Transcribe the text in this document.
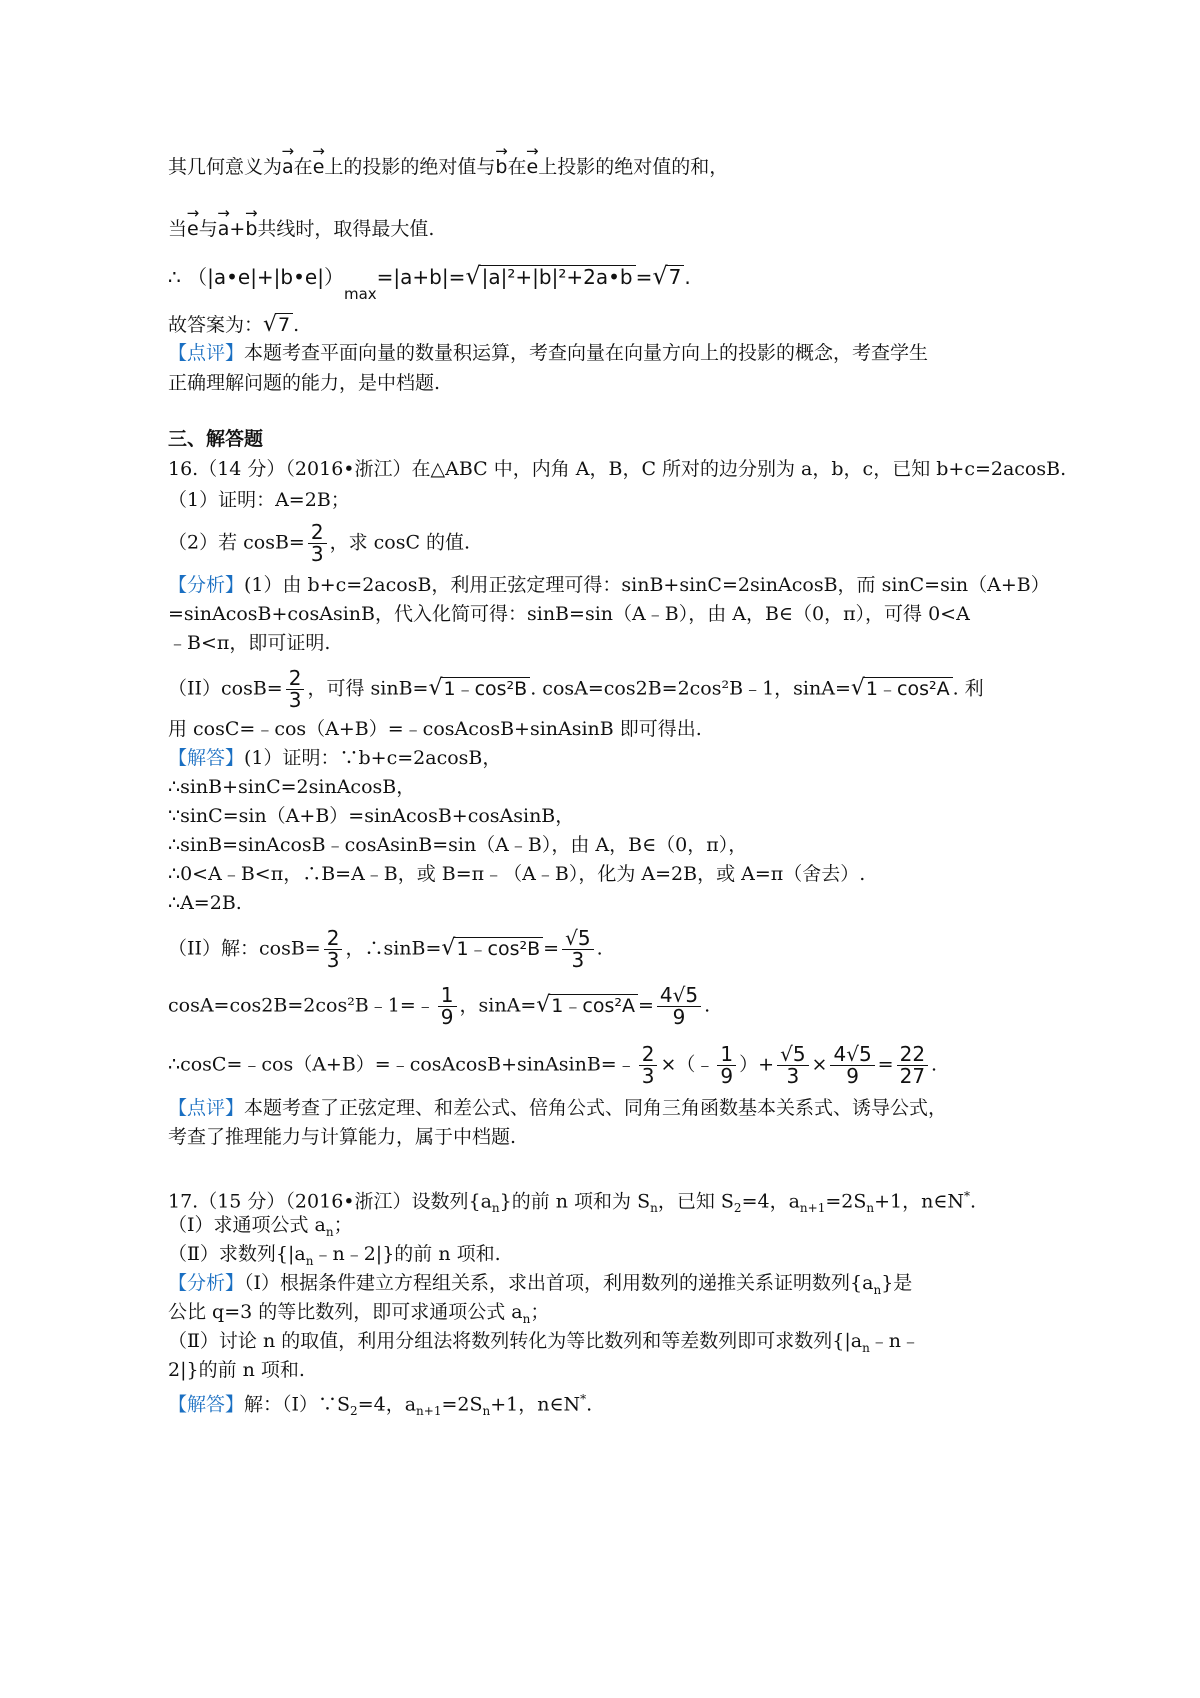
其几何意义为→ a在→ e上的投影的绝对值与→ b在→ e上投影的绝对值的和，
当→ e与→ a+→ b共线时，取得最大值.
∴ $(|a•e|+|b•e|)_{max}=|a+b|=√|a|^2+|b|^2+2a•b =√7$ .
故答案为：√7 .
【点评】本题考查平面向量的数量积运算，考查向量在向量方向上的投影的概念，考查学生
正确理解问题的能力，是中档题.
三、解答题
16.（14 分）（2016•浙江）在△ABC 中，内角 A，B，C 所对的边分别为 a，b，c，已知 b+c=2acosB.
（1）证明：A=2B；
（2）若 $\cos B= \frac{2}{3}$ ，求 cosC 的值.
【分析】(1）由 b+c=2acosB，利用正弦定理可得：sinB+sinC=2sinAcosB，而 sinC=sin（A+B）
=sinAcosB+cosAsinB，代入化简可得：sinB=sin（A﹣B），由 A，B∈（0，π），可得 0<A
﹣B<π，即可证明.
$(II)\cos B= \frac{2}{3}$ ，可得 sinB=√1﹣cos²B . cosA=cos2B=2cos²B﹣1，sinA=√1﹣cos²A . 利
用 cosC=﹣cos（A+B）=﹣cosAcosB+sinAsinB 即可得出.
【解答】(1）证明：∵b+c=2acosB，
∴sinB+sinC=2sinAcosB，
∵sinC=sin（A+B）=sinAcosB+cosAsinB，
∴sinB=sinAcosB﹣cosAsinB=sin（A﹣B），由 A，B∈（0，π），
∴0<A﹣B<π，∴B=A﹣B，或 B=π﹣（A﹣B），化为 A=2B，或 A=π（舍去）.
∴A=2B.
（II）解：$\cos B= \frac{2}{3}$ ，∴sinB=√1﹣cos²B = $\frac{√5}{3}$ .
cosA=cos2B=2cos²B﹣1=﹣ $\frac{1}{9}$ ，sinA=√1﹣cos²A = $\frac{4√5}{9}$ .
∴cosC=﹣cos（A+B）=﹣cosAcosB+sinAsinB=﹣ $\frac{2}{3}$ ×（﹣ $\frac{1}{9}$ ）+ $\frac{√5}{3} \times \frac{4√5}{9} = \frac{22}{27}$ .
【点评】本题考查了正弦定理、和差公式、倍角公式、同角三角函数基本关系式、诱导公式，
考查了推理能力与计算能力，属于中档题.
17.（15 分）（2016•浙江）设数列$\{a_n\}$的前 n 项和为 $S_n$，已知 $S_2=4$，$a_{n+1}=2S_n+1$，n∈N*.
（Ⅰ）求通项公式 $a_n$；
（Ⅱ）求数列$\{|a_n﹣n﹣2|\}$的前 n 项和.
【分析】（Ⅰ）根据条件建立方程组关系，求出首项，利用数列的递推关系证明数列$\{a_n\}$是
公比 q=3 的等比数列，即可求通项公式 $a_n$；
（Ⅱ）讨论 n 的取值，利用分组法将数列转化为等比数列和等差数列即可求数列{$|a_n﹣n﹣$
2|}的前 n 项和.
【解答】解：$(Ⅰ)\because S_2=4$，$a_{n+1}=2S_n+1$，n∈N*.
